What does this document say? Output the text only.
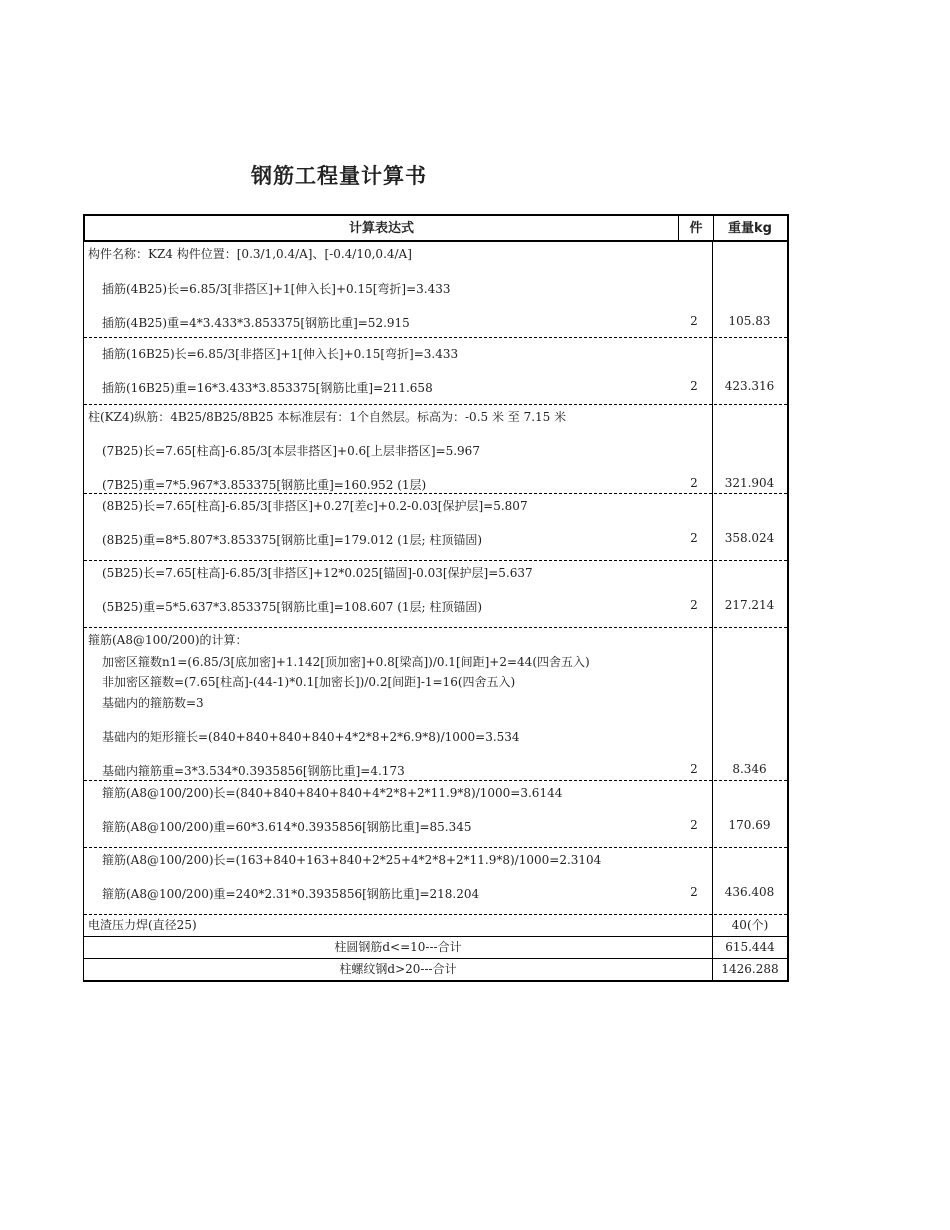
钢筋工程量计算书
计算表达式	件	重量kg
构件名称：KZ4 构件位置：[0.3/1,0.4/A]、[-0.4/10,0.4/A]
插筋(4B25)长=6.85/3[非搭区]+1[伸入长]+0.15[弯折]=3.433
插筋(4B25)重=4*3.433*3.853375[钢筋比重]=52.915	2	105.83
插筋(16B25)长=6.85/3[非搭区]+1[伸入长]+0.15[弯折]=3.433
插筋(16B25)重=16*3.433*3.853375[钢筋比重]=211.658	2	423.316
柱(KZ4)纵筋：4B25/8B25/8B25 本标准层有：1个自然层。标高为：-0.5 米 至 7.15 米
(7B25)长=7.65[柱高]-6.85/3[本层非搭区]+0.6[上层非搭区]=5.967
(7B25)重=7*5.967*3.853375[钢筋比重]=160.952 (1层)	2	321.904
(8B25)长=7.65[柱高]-6.85/3[非搭区]+0.27[差c]+0.2-0.03[保护层]=5.807
(8B25)重=8*5.807*3.853375[钢筋比重]=179.012 (1层; 柱顶锚固)	2	358.024
(5B25)长=7.65[柱高]-6.85/3[非搭区]+12*0.025[锚固]-0.03[保护层]=5.637
(5B25)重=5*5.637*3.853375[钢筋比重]=108.607 (1层; 柱顶锚固)	2	217.214
箍筋(A8@100/200)的计算：
加密区箍数n1=(6.85/3[底加密]+1.142[顶加密]+0.8[梁高])/0.1[间距]+2=44(四舍五入)
非加密区箍数=(7.65[柱高]-(44-1)*0.1[加密长])/0.2[间距]-1=16(四舍五入)
基础内的箍筋数=3
基础内的矩形箍长=(840+840+840+840+4*2*8+2*6.9*8)/1000=3.534
基础内箍筋重=3*3.534*0.3935856[钢筋比重]=4.173	2	8.346
箍筋(A8@100/200)长=(840+840+840+840+4*2*8+2*11.9*8)/1000=3.6144
箍筋(A8@100/200)重=60*3.614*0.3935856[钢筋比重]=85.345	2	170.69
箍筋(A8@100/200)长=(163+840+163+840+2*25+4*2*8+2*11.9*8)/1000=2.3104
箍筋(A8@100/200)重=240*2.31*0.3935856[钢筋比重]=218.204	2	436.408
电渣压力焊(直径25)	40(个)
柱圆钢筋d<=10---合计	615.444
柱螺纹钢d>20---合计	1426.288
